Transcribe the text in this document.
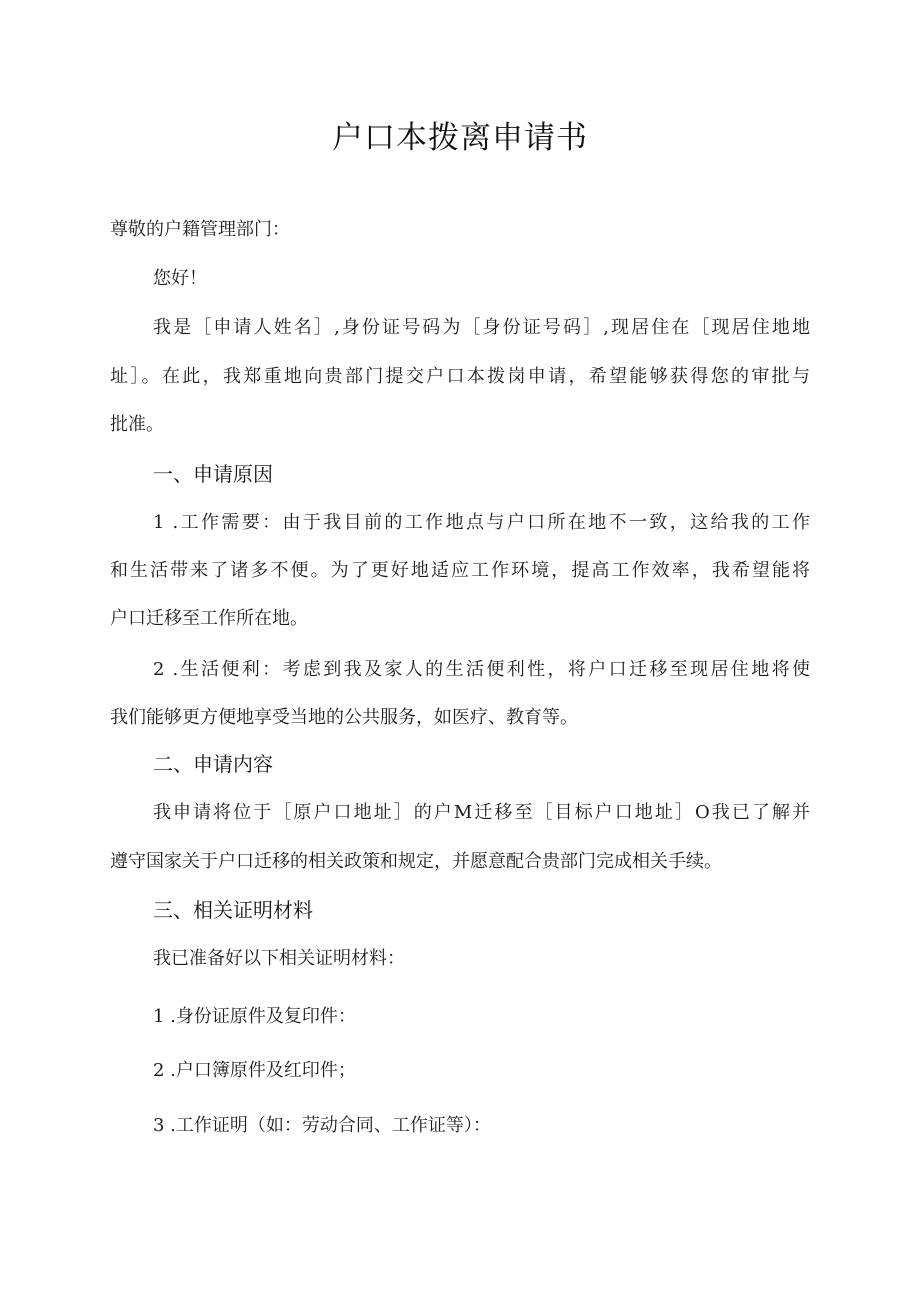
户口本拨离申请书
尊敬的户籍管理部门：
您好！
我是［申请人姓名］,身份证号码为［身份证号码］,现居住在［现居住地地
址］。在此，我郑重地向贵部门提交户口本拨岗申请，希望能够获得您的审批与
批准。
一、申请原因
1 .工作需要：由于我目前的工作地点与户口所在地不一致，这给我的工作
和生活带来了诸多不便。为了更好地适应工作环境，提高工作效率，我希望能将
户口迁移至工作所在地。
2 .生活便利：考虑到我及家人的生活便利性，将户口迁移至现居住地将使
我们能够更方便地享受当地的公共服务，如医疗、教育等。
二、申请内容
我申请将位于［原户口地址］的户M迁移至［目标户口地址］O我已了解并
遵守国家关于户口迁移的相关政策和规定，并愿意配合贵部门完成相关手续。
三、相关证明材料
我已准备好以下相关证明材料：
1 .身份证原件及复印件：
2 .户口簿原件及红印件；
3 .工作证明（如：劳动合同、工作证等）：
